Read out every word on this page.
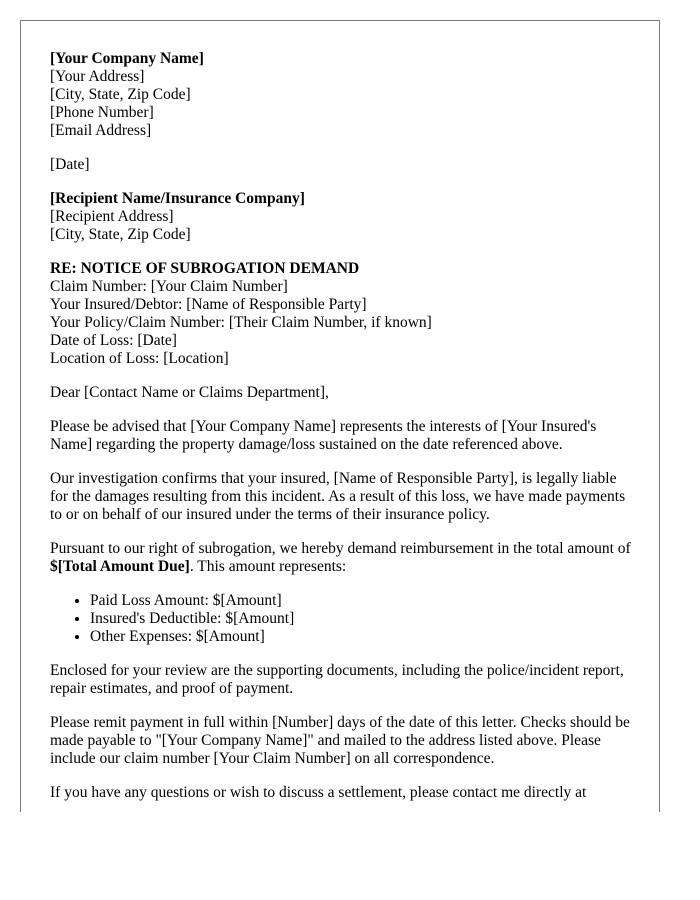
[Your Company Name]
[Your Address]
[City, State, Zip Code]
[Phone Number]
[Email Address]
[Date]
[Recipient Name/Insurance Company]
[Recipient Address]
[City, State, Zip Code]
RE: NOTICE OF SUBROGATION DEMAND
Claim Number: [Your Claim Number]
Your Insured/Debtor: [Name of Responsible Party]
Your Policy/Claim Number: [Their Claim Number, if known]
Date of Loss: [Date]
Location of Loss: [Location]

Dear [Contact Name or Claims Department],

Please be advised that [Your Company Name] represents the interests of [Your Insured's Name] regarding the property damage/loss sustained on the date referenced above.

Our investigation confirms that your insured, [Name of Responsible Party], is legally liable for the damages resulting from this incident. As a result of this loss, we have made payments to or on behalf of our insured under the terms of their insurance policy.

Pursuant to our right of subrogation, we hereby demand reimbursement in the total amount of $[Total Amount Due]. This amount represents:

• Paid Loss Amount: $[Amount]
• Insured's Deductible: $[Amount]
• Other Expenses: $[Amount]

Enclosed for your review are the supporting documents, including the police/incident report, repair estimates, and proof of payment.

Please remit payment in full within [Number] days of the date of this letter. Checks should be made payable to "[Your Company Name]" and mailed to the address listed above. Please include our claim number [Your Claim Number] on all correspondence.

If you have any questions or wish to discuss a settlement, please contact me directly at
